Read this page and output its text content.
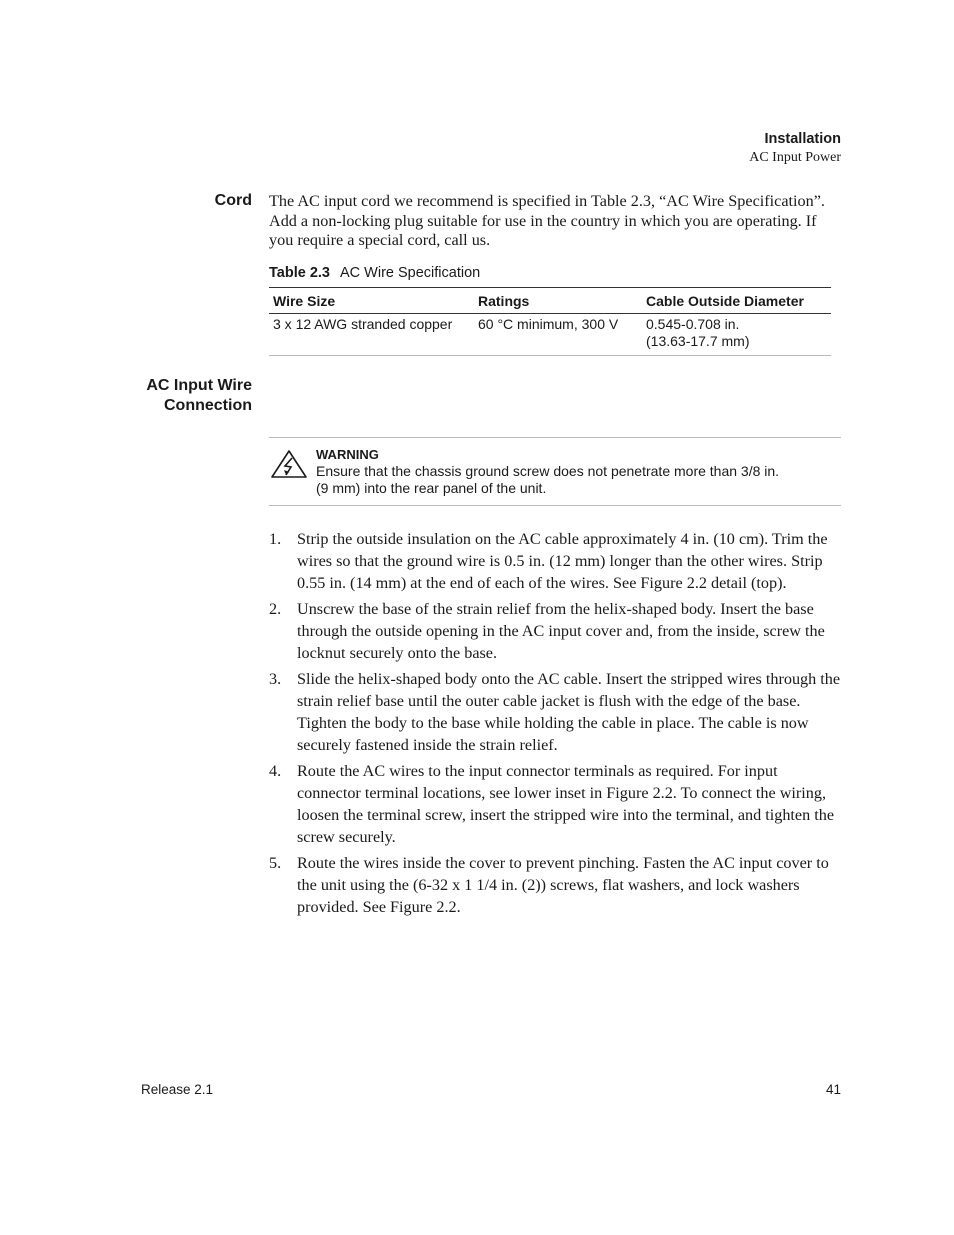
Installation
AC Input Power
Cord The AC input cord we recommend is specified in Table 2.3, “AC Wire Specification”. Add a non-locking plug suitable for use in the country in which you are operating. If you require a special cord, call us.
Table 2.3 AC Wire Specification
Wire Size	Ratings	Cable Outside Diameter
3 x 12 AWG stranded copper	60 °C minimum, 300 V	0.545-0.708 in.
(13.63-17.7 mm)
AC Input Wire
Connection
WARNING
Ensure that the chassis ground screw does not penetrate more than 3/8 in.
(9 mm) into the rear panel of the unit.
1. Strip the outside insulation on the AC cable approximately 4 in. (10 cm). Trim the wires so that the ground wire is 0.5 in. (12 mm) longer than the other wires. Strip 0.55 in. (14 mm) at the end of each of the wires. See Figure 2.2 detail (top).
2. Unscrew the base of the strain relief from the helix-shaped body. Insert the base through the outside opening in the AC input cover and, from the inside, screw the locknut securely onto the base.
3. Slide the helix-shaped body onto the AC cable. Insert the stripped wires through the strain relief base until the outer cable jacket is flush with the edge of the base. Tighten the body to the base while holding the cable in place. The cable is now securely fastened inside the strain relief.
4. Route the AC wires to the input connector terminals as required. For input connector terminal locations, see lower inset in Figure 2.2. To connect the wiring, loosen the terminal screw, insert the stripped wire into the terminal, and tighten the screw securely.
5. Route the wires inside the cover to prevent pinching. Fasten the AC input cover to the unit using the (6-32 x 1 1/4 in. (2)) screws, flat washers, and lock washers provided. See Figure 2.2.
Release 2.1	41
